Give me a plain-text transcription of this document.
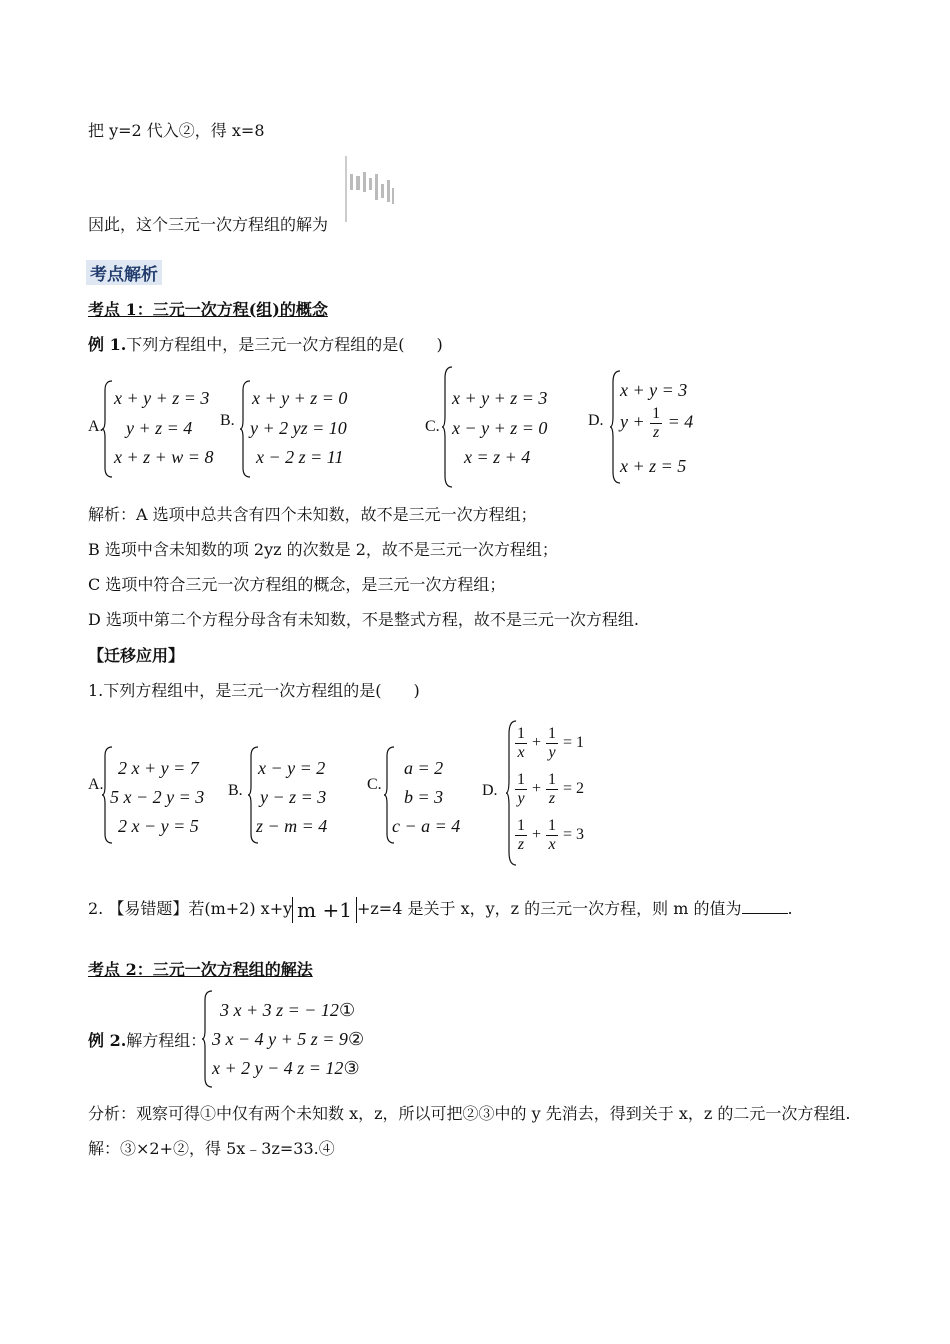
把 y=2 代入②，得 x=8
因此，这个三元一次方程组的解为
考点解析
考点 1：三元一次方程(组)的概念
例 1.下列方程组中，是三元一次方程组的是(　　)
A.
x + y + z = 3
y + z = 4
x + z + w = 8
B.
x + y + z = 0
y + 2 yz = 10
x − 2 z = 11
C.
x + y + z = 3
x − y + z = 0
x = z + 4
D.
x + y = 3
$y + \frac{1}{z} = 4$
x + z = 5
解析：A 选项中总共含有四个未知数，故不是三元一次方程组；
B 选项中含未知数的项 2yz 的次数是 2，故不是三元一次方程组；
C 选项中符合三元一次方程组的概念，是三元一次方程组；
D 选项中第二个方程分母含有未知数，不是整式方程，故不是三元一次方程组.
【迁移应用】
1.下列方程组中，是三元一次方程组的是(　　)
A.
2 x + y = 7
5 x − 2 y = 3
2 x − y = 5
B.
x − y = 2
y − z = 3
z − m = 4
C.
a = 2
b = 3
c − a = 4
D.
$\frac{1}{x} + \frac{1}{y} = 1$
$\frac{1}{y} + \frac{1}{z} = 2$
$\frac{1}{z} + \frac{1}{x} = 3$
2. 【易错题】若(m+2) x+y m +1 +z=4 是关于 x，y，z 的三元一次方程，则 m 的值为	.
考点 2：三元一次方程组的解法
例 2.解方程组：
3 x + 3 z = − 12①
3 x − 4 y + 5 z = 9②
x + 2 y − 4 z = 12③
分析：观察可得①中仅有两个未知数 x，z，所以可把②③中的 y 先消去，得到关于 x，z 的二元一次方程组.
解：③×2+②，得 5x﹣3z=33.④
